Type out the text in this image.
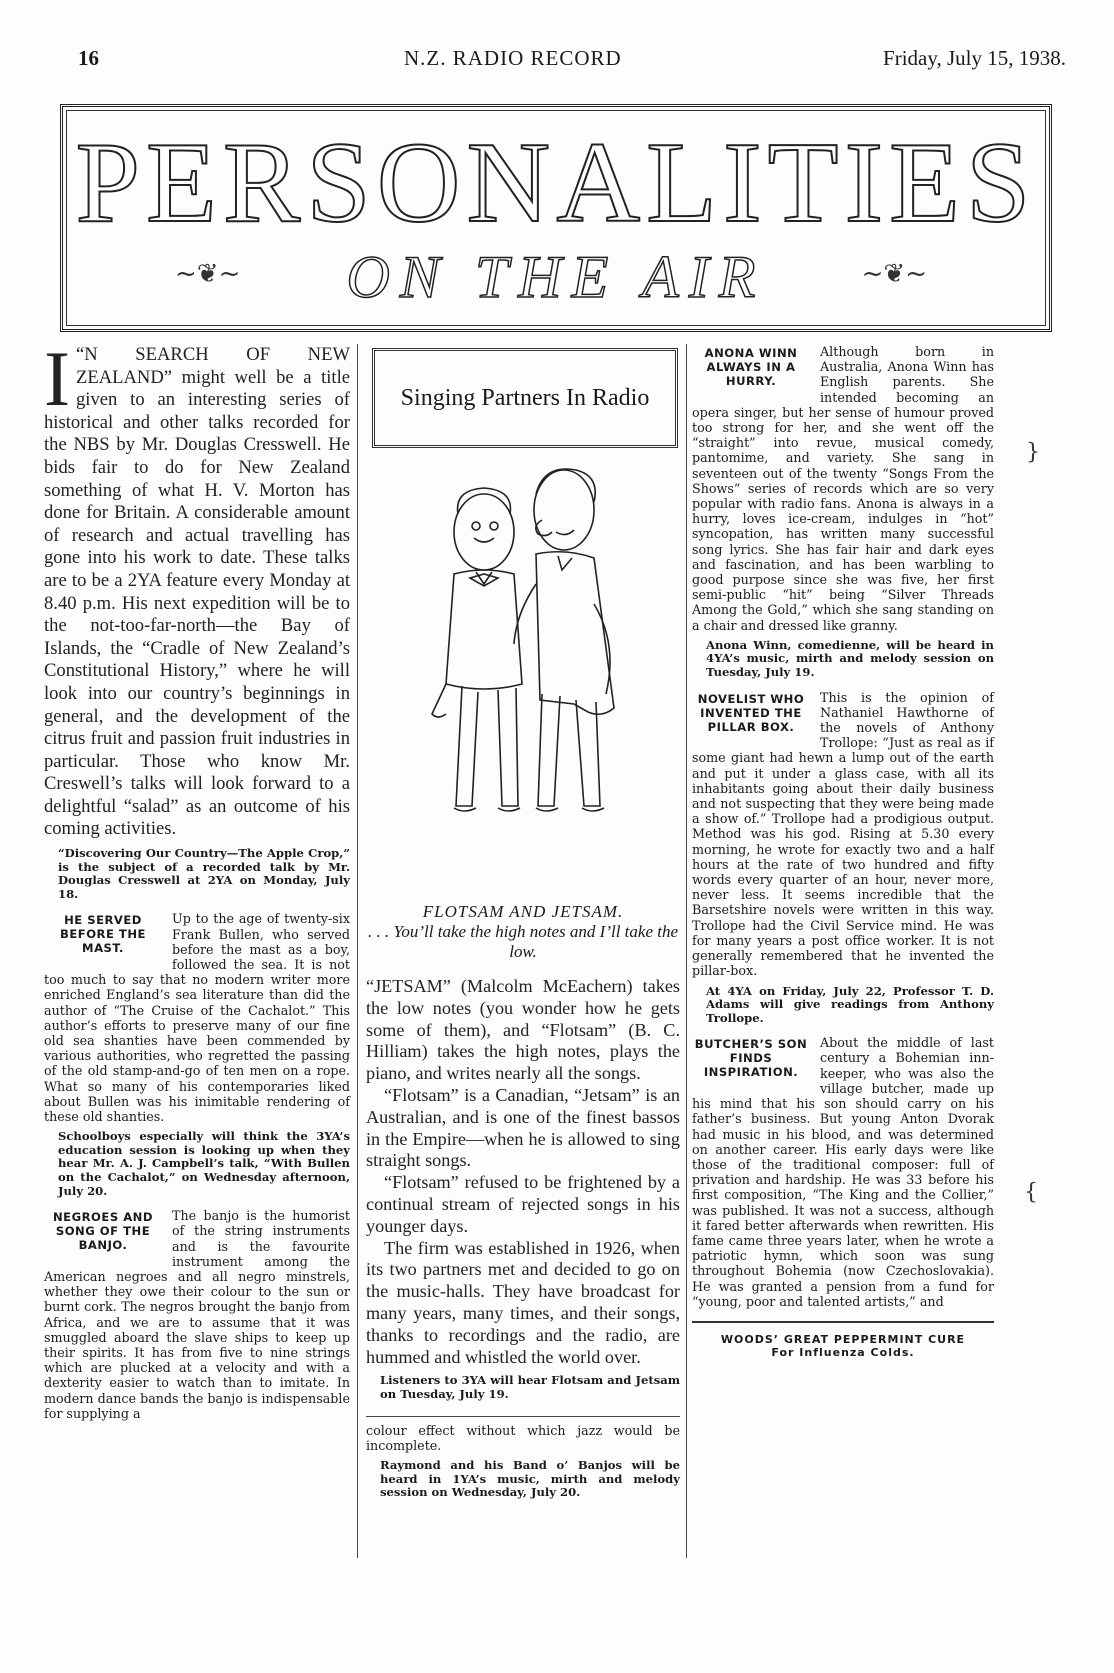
16	N.Z. RADIO RECORD	Friday, July 15, 1938.
PERSONALITIES
~❦~	ON THE AIR	~❦~

I “N SEARCH OF NEW ZEALAND” might well be a title given to an interesting series of historical and other talks recorded for the NBS by Mr. Douglas Cresswell. He bids fair to do for New Zealand something of what H. V. Morton has done for Britain. A considerable amount of research and actual travelling has gone into his work to date. These talks are to be a 2YA feature every Monday at 8.40 p.m. His next expedition will be to the not-too-far-north—the Bay of Islands, the “Cradle of New Zealand’s Constitutional History,” where he will look into our country’s beginnings in general, and the development of the citrus fruit and passion fruit industries in particular. Those who know Mr. Creswell’s talks will look forward to a delightful “salad” as an outcome of his coming activities.

“Discovering Our Country—The Apple Crop,” is the subject of a recorded talk by Mr. Douglas Cresswell at 2YA on Monday, July 18.

HE SERVED BEFORE THE MAST.

Up to the age of twenty-six Frank Bullen, who served before the mast as a boy, followed the sea. It is not too much to say that no modern writer more enriched England’s sea literature than did the author of “The Cruise of the Cachalot.” This author’s efforts to preserve many of our fine old sea shanties have been commended by various authorities, who regretted the passing of the old stamp-and-go of ten men on a rope. What so many of his contemporaries liked about Bullen was his inimitable rendering of these old shanties.

Schoolboys especially will think the 3YA’s education session is looking up when they hear Mr. A. J. Campbell’s talk, “With Bullen on the Cachalot,” on Wednesday afternoon, July 20.

NEGROES AND SONG OF THE BANJO.

The banjo is the humorist of the string instruments and is the favourite instrument among the American negroes and all negro minstrels, whether they owe their colour to the sun or burnt cork. The negros brought the banjo from Africa, and we are to assume that it was smuggled aboard the slave ships to keep up their spirits. It has from five to nine strings which are plucked at a velocity and with a dexterity easier to watch than to imitate. In modern dance bands the banjo is indispensable for supplying a

Singing Partners In Radio
FLOTSAM AND JETSAM.
. . . You’ll take the high notes and I’ll take the low.

“JETSAM” (Malcolm McEachern) takes the low notes (you wonder how he gets some of them), and “Flotsam” (B. C. Hilliam) takes the high notes, plays the piano, and writes nearly all the songs.

“Flotsam” is a Canadian, “Jetsam” is an Australian, and is one of the finest bassos in the Empire—when he is allowed to sing straight songs.

“Flotsam” refused to be frightened by a continual stream of rejected songs in his younger days.

The firm was established in 1926, when its two partners met and decided to go on the music-halls. They have broadcast for many years, many times, and their songs, thanks to recordings and the radio, are hummed and whistled the world over.

Listeners to 3YA will hear Flotsam and Jetsam on Tuesday, July 19.

colour effect without which jazz would be incomplete.

Raymond and his Band o’ Banjos will be heard in 1YA’s music, mirth and melody session on Wednesday, July 20.

ANONA WINN ALWAYS IN A HURRY.

Although born in Australia, Anona Winn has English parents. She intended becoming an opera singer, but her sense of humour proved too strong for her, and she went off the “straight” into revue, musical comedy, pantomime, and variety. She sang in seventeen out of the twenty “Songs From the Shows” series of records which are so very popular with radio fans. Anona is always in a hurry, loves ice-cream, indulges in “hot” syncopation, has written many successful song lyrics. She has fair hair and dark eyes and fascination, and has been warbling to good purpose since she was five, her first semi-public “hit” being “Silver Threads Among the Gold,” which she sang standing on a chair and dressed like granny.

Anona Winn, comedienne, will be heard in 4YA’s music, mirth and melody session on Tuesday, July 19.

NOVELIST WHO INVENTED THE PILLAR BOX.

This is the opinion of Nathaniel Hawthorne of the novels of Anthony Trollope: “Just as real as if some giant had hewn a lump out of the earth and put it under a glass case, with all its inhabitants going about their daily business and not suspecting that they were being made a show of.” Trollope had a prodigious output. Method was his god. Rising at 5.30 every morning, he wrote for exactly two and a half hours at the rate of two hundred and fifty words every quarter of an hour, never more, never less. It seems incredible that the Barsetshire novels were written in this way. Trollope had the Civil Service mind. He was for many years a post office worker. It is not generally remembered that he invented the pillar-box.

At 4YA on Friday, July 22, Professor T. D. Adams will give readings from Anthony Trollope.

BUTCHER’S SON FINDS INSPIRATION.

About the middle of last century a Bohemian inn-keeper, who was also the village butcher, made up his mind that his son should carry on his father’s business. But young Anton Dvorak had music in his blood, and was determined on another career. His early days were like those of the traditional composer: full of privation and hardship. He was 33 before his first composition, “The King and the Collier,” was published. It was not a success, although it fared better afterwards when rewritten. His fame came three years later, when he wrote a patriotic hymn, which soon was sung throughout Bohemia (now Czechoslovakia). He was granted a pension from a fund for “young, poor and talented artists,” and

WOODS’ GREAT PEPPERMINT CURE
For Influenza Colds.
}
{
